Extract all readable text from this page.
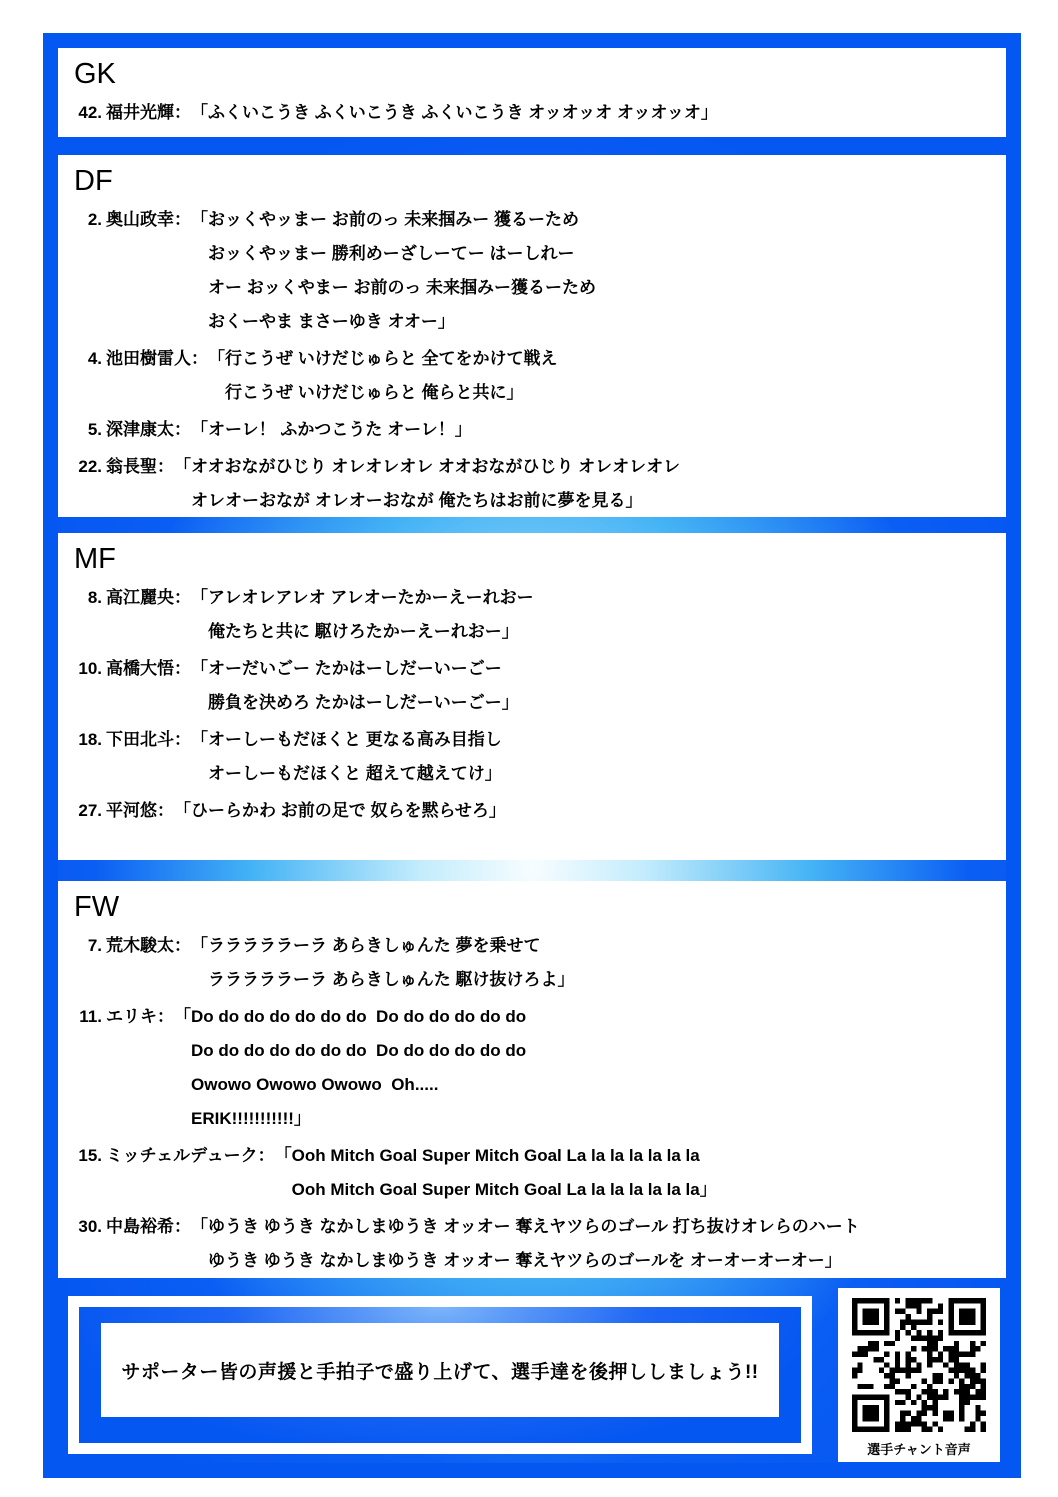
GK
42. 福井光輝： 「ふくいこうき ふくいこうき ふくいこうき オッオッオ オッオッオ」
DF
2. 奥山政幸： 「おッくやッまー お前のっ 未来掴みー 獲るーため
おッくやッまー 勝利めーざしーてー はーしれー
オー おッくやまー お前のっ 未来掴みー獲るーため
おくーやま まさーゆき オオー」
4. 池田樹雷人： 「行こうぜ いけだじゅらと 全てをかけて戦え
行こうぜ いけだじゅらと 俺らと共に」
5. 深津康太： 「オーレ！ ふかつこうた オーレ！」
22. 翁長聖： 「オオおながひじり オレオレオレ オオおながひじり オレオレオレ
オレオーおなが オレオーおなが 俺たちはお前に夢を見る」
MF
8. 高江麗央： 「アレオレアレオ アレオーたかーえーれおー
俺たちと共に 駆けろたかーえーれおー」
10. 高橋大悟： 「オーだいごー たかはーしだーいーごー
勝負を決めろ たかはーしだーいーごー」
18. 下田北斗： 「オーしーもだほくと 更なる高み目指し
オーしーもだほくと 超えて越えてけ」
27. 平河悠： 「ひーらかわ お前の足で 奴らを黙らせろ」
FW
7. 荒木駿太： 「ラララララーラ あらきしゅんた 夢を乗せて
ラララララーラ あらきしゅんた 駆け抜けろよ」
11. エリキ： 「Do do do do do do do  Do do do do do do
Do do do do do do do  Do do do do do do
Owowo Owowo Owowo  Oh.....
ERIK!!!!!!!!!!!」
15. ミッチェルデューク： 「Ooh Mitch Goal Super Mitch Goal La la la la la la la
Ooh Mitch Goal Super Mitch Goal La la la la la la la」
30. 中島裕希： 「ゆうき ゆうき なかしまゆうき オッオー 奪えヤツらのゴール 打ち抜けオレらのハート
ゆうき ゆうき なかしまゆうき オッオー 奪えヤツらのゴールを オーオーオーオー」
サポーター皆の声援と手拍子で盛り上げて、選手達を後押ししましょう!!
選手チャント音声
